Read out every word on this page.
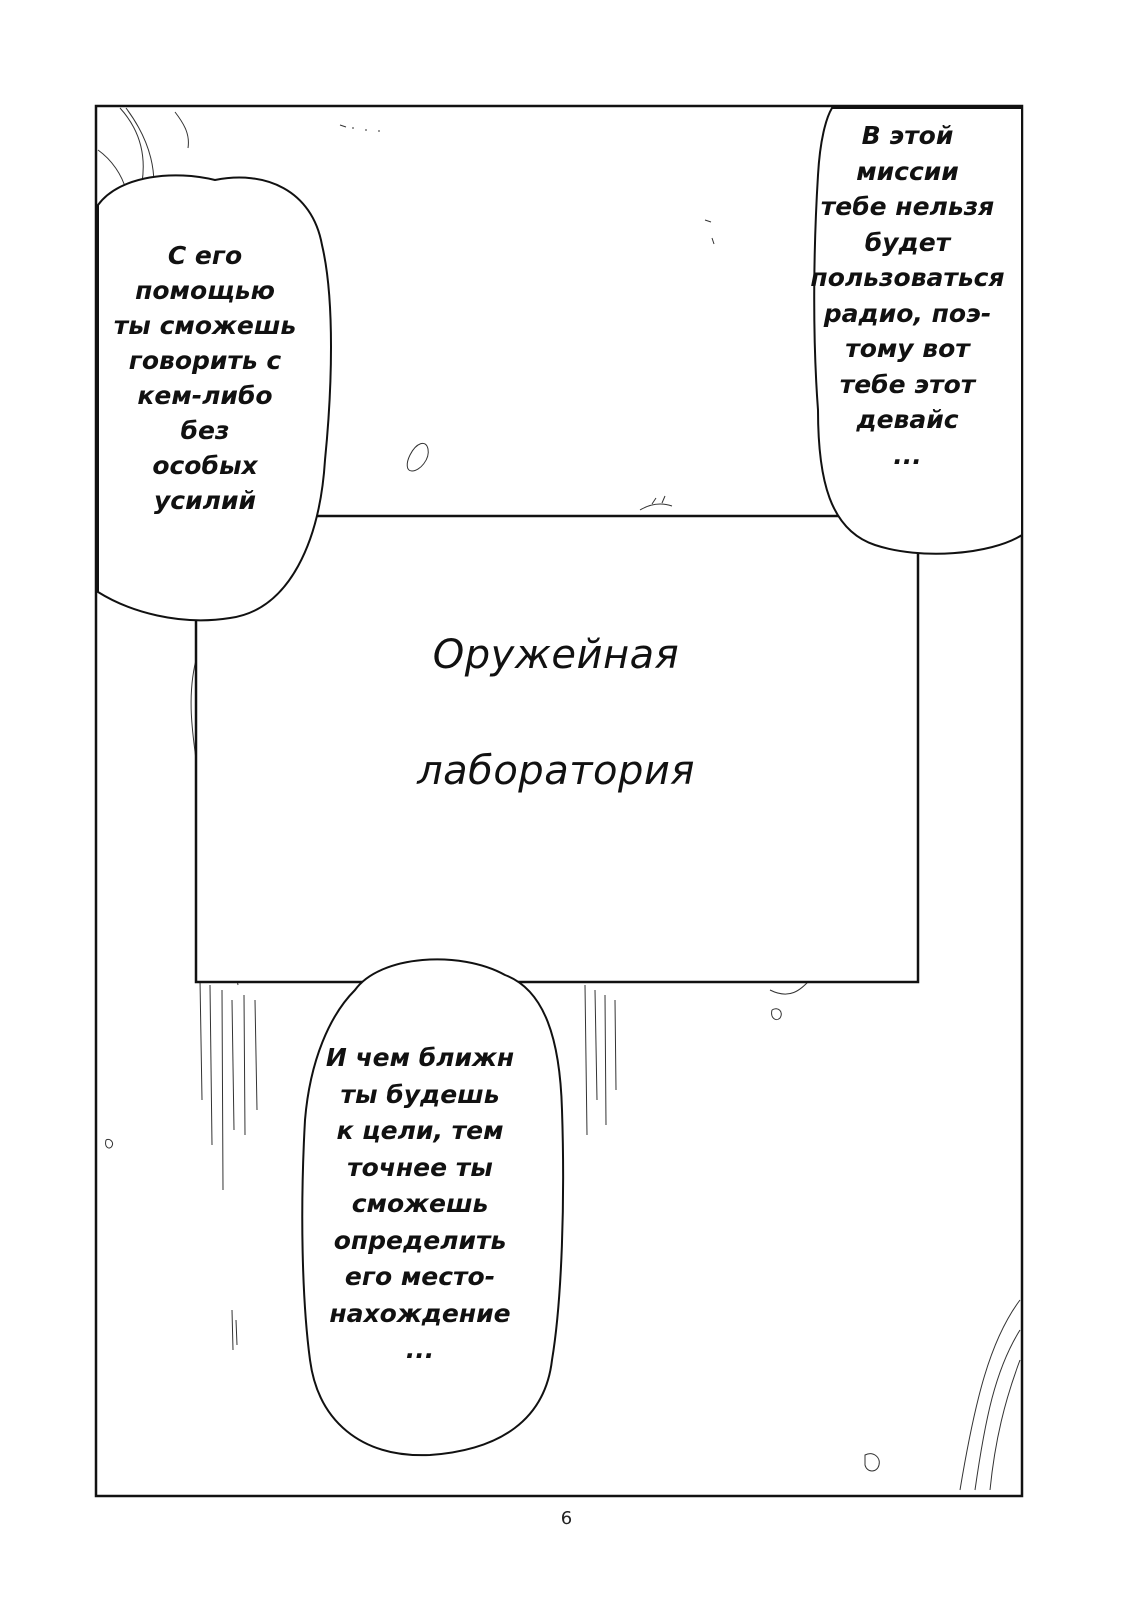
С его
помощью
ты сможешь
говорить с
кем-либо
без
особых
усилий
В этой
миссии
тебе нельзя
будет
пользоваться
радио, поэ-
тому вот
тебе этот
девайс
...
И чем ближн
ты будешь
к цели, тем
точнее ты
сможешь
определить
его место-
нахождение
...
Оружейная
лаборатория
6
